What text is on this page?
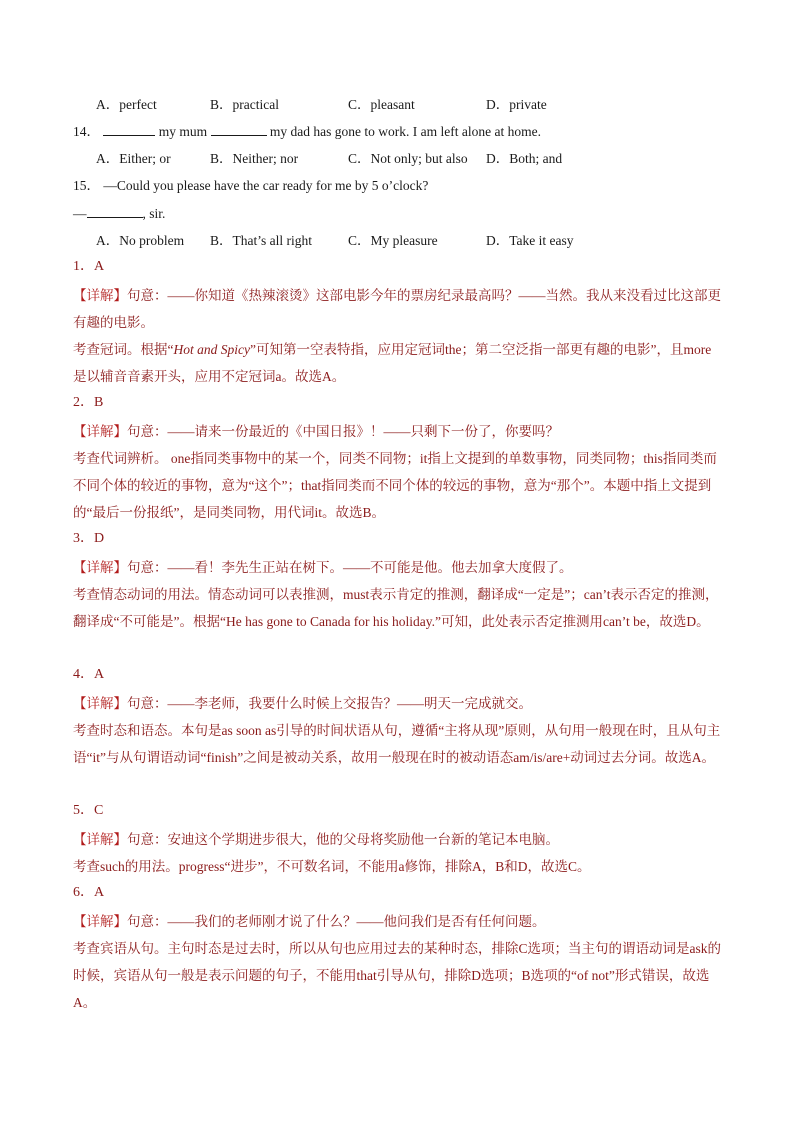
A．perfect	B．practical	C．pleasant	D．private
14．	my mum	my dad has gone to work. I am left alone at home.
A．Either; or	B．Neither; nor	C．Not only; but also D．Both; and
15． —Could you please have the car ready for me by 5 o’clock?
—	, sir.
A．No problem B．That’s all right	C．My pleasure	D．Take it easy
1．A

【详解】句意：——你知道《热辣滚烫》这部电影今年的票房纪录最高吗？——当然。我从来没看过比这部更有趣的电影。

考查冠词。根据“Hot and Spicy”可知第一空表特指，应用定冠词the；第二空泛指一部更有趣的电影”，且more是以辅音音素开头，应用不定冠词a。故选A。

2．B

【详解】句意：——请来一份最近的《中国日报》！——只剩下一份了，你要吗？

考查代词辨析。 one指同类事物中的某一个，同类不同物；it指上文提到的单数事物，同类同物；this指同类而不同个体的较近的事物，意为“这个”；that指同类而不同个体的较远的事物，意为“那个”。本题中指上文提到的“最后一份报纸”，是同类同物，用代词it。故选B。

3．D

【详解】句意：——看！李先生正站在树下。——不可能是他。他去加拿大度假了。

考查情态动词的用法。情态动词可以表推测，must表示肯定的推测，翻译成“一定是”；can’t表示否定的推测，翻译成“不可能是”。根据“He has gone to Canada for his holiday.”可知，此处表示否定推测用can’t be，故选D。

4．A

【详解】句意：——李老师，我要什么时候上交报告？——明天一完成就交。

考查时态和语态。本句是as soon as引导的时间状语从句，遵循“主将从现”原则，从句用一般现在时，且从句主语“it”与从句谓语动词“finish”之间是被动关系，故用一般现在时的被动语态am/is/are+动词过去分词。故选A。

5．C

【详解】句意：安迪这个学期进步很大，他的父母将奖励他一台新的笔记本电脑。

考查such的用法。progress“进步”，不可数名词，不能用a修饰，排除A，B和D，故选C。

6．A

【详解】句意：——我们的老师刚才说了什么？——他问我们是否有任何问题。

考查宾语从句。主句时态是过去时，所以从句也应用过去的某种时态，排除C选项；当主句的谓语动词是ask的时候，宾语从句一般是表示问题的句子，不能用that引导从句，排除D选项；B选项的“of not”形式错误，故选A。
